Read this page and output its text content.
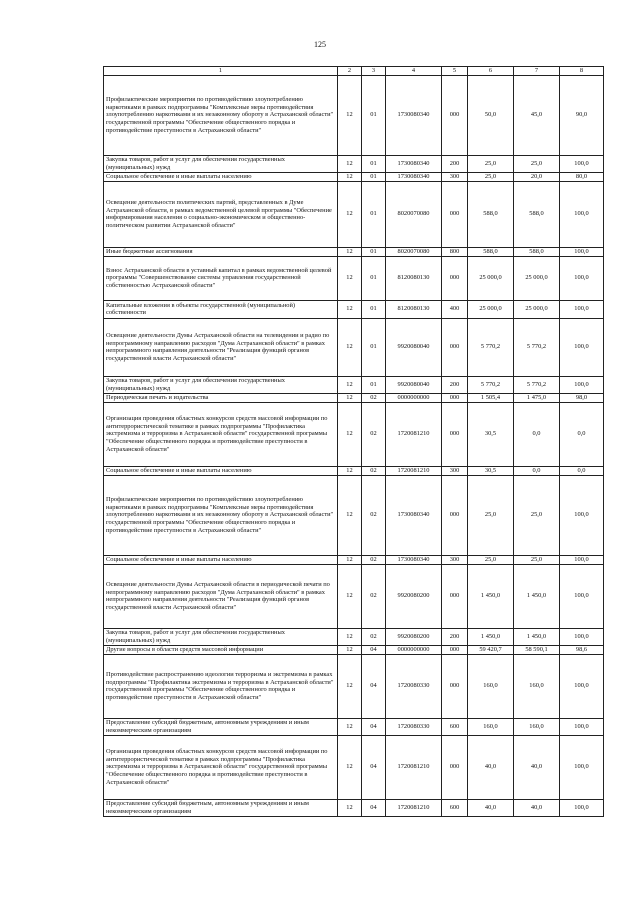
125
1	2	3	4	5	6	7	8
Профилактические мероприятия по противодействию злоупотреблению наркотиками в рамках подпрограммы "Комплексные меры противодействия злоупотреблению наркотиками и их незаконному обороту в Астраханской области" государственной программы "Обеспечение общественного порядка и противодействие преступности в Астраханской области"	12	01	1730080340	000	50,0	45,0	90,0
Закупка товаров, работ и услуг для обеспечения государственных (муниципальных) нужд	12	01	1730080340	200	25,0	25,0	100,0
Социальное обеспечение и иные выплаты населению	12	01	1730080340	300	25,0	20,0	80,0
Освещение деятельности политических партий, представленных в Думе Астраханской области, в рамках ведомственной целевой программы "Обеспечение информирования населения о социально-экономическом и общественно-политическом развитии Астраханской области"	12	01	8020070080	000	588,0	588,0	100,0
Иные бюджетные ассигнования	12	01	8020070080	800	588,0	588,0	100,0
Взнос Астраханской области в уставный капитал в рамках ведомственной целевой программы "Совершенствование системы управления государственной собственностью Астраханской области"	12	01	8120080130	000	25 000,0	25 000,0	100,0
Капитальные вложения в объекты государственной (муниципальной) собственности	12	01	8120080130	400	25 000,0	25 000,0	100,0
Освещение деятельности Думы Астраханской области на телевидении и радио по непрограммному направлению расходов "Дума Астраханской области" в рамках непрограммного направления деятельности "Реализация функций органов государственной власти Астраханской области"	12	01	9920080040	000	5 770,2	5 770,2	100,0
Закупка товаров, работ и услуг для обеспечения государственных (муниципальных) нужд	12	01	9920080040	200	5 770,2	5 770,2	100,0
Периодическая печать и издательства	12	02	0000000000	000	1 505,4	1 475,0	98,0
Организация проведения областных конкурсов средств массовой информации по антитеррористической тематике в рамках подпрограммы "Профилактика экстремизма и терроризма в Астраханской области" государственной программы "Обеспечение общественного порядка и противодействие преступности в Астраханской области"	12	02	1720081210	000	30,5	0,0	0,0
Социальное обеспечение и иные выплаты населению	12	02	1720081210	300	30,5	0,0	0,0
Профилактические мероприятия по противодействию злоупотреблению наркотиками в рамках подпрограммы "Комплексные меры противодействия злоупотреблению наркотиками и их незаконному обороту в Астраханской области" государственной программы "Обеспечение общественного порядка и противодействие преступности в Астраханской области"	12	02	1730080340	000	25,0	25,0	100,0
Социальное обеспечение и иные выплаты населению	12	02	1730080340	300	25,0	25,0	100,0
Освещение деятельности Думы Астраханской области в периодической печати по непрограммному направлению расходов "Дума Астраханской области" в рамках непрограммного направления деятельности "Реализация функций органов государственной власти Астраханской области"	12	02	9920080200	000	1 450,0	1 450,0	100,0
Закупка товаров, работ и услуг для обеспечения государственных (муниципальных) нужд	12	02	9920080200	200	1 450,0	1 450,0	100,0
Другие вопросы в области средств массовой информации	12	04	0000000000	000	59 420,7	58 590,1	98,6
Противодействие распространению идеологии терроризма и экстремизма в рамках подпрограммы "Профилактика экстремизма и терроризма в Астраханской области" государственной программы "Обеспечение общественного порядка и противодействие преступности в Астраханской области"	12	04	1720080330	000	160,0	160,0	100,0
Предоставление субсидий бюджетным, автономным учреждениям и иным некоммерческим организациям	12	04	1720080330	600	160,0	160,0	100,0
Организация проведения областных конкурсов средств массовой информации по антитеррористической тематике в рамках подпрограммы "Профилактика экстремизма и терроризма в Астраханской области" государственной программы "Обеспечение общественного порядка и противодействие преступности в Астраханской области"	12	04	1720081210	000	40,0	40,0	100,0
Предоставление субсидий бюджетным, автономным учреждениям и иным некоммерческим организациям	12	04	1720081210	600	40,0	40,0	100,0
